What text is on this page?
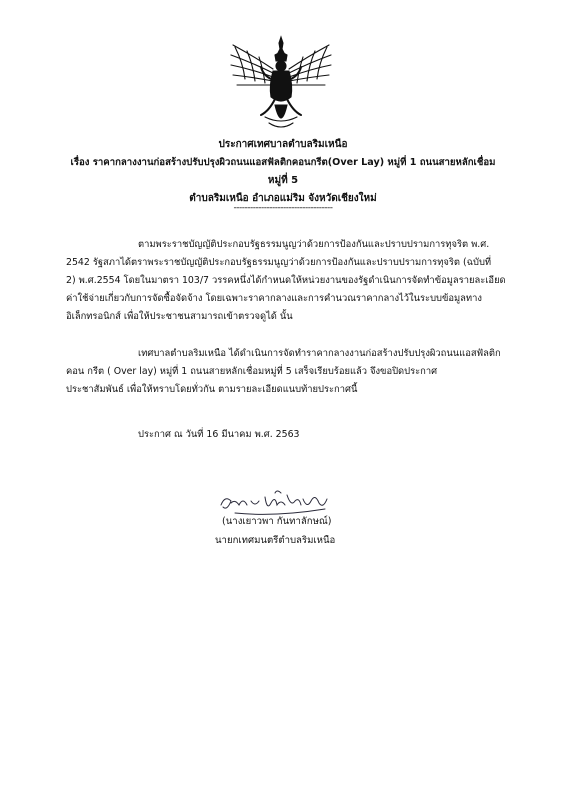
ประกาศเทศบาลตำบลริมเหนือ
เรื่อง ราคากลางงานก่อสร้างปรับปรุงผิวถนนแอสฟัลติกคอนกรีต(Over Lay) หมู่ที่ 1 ถนนสายหลักเชื่อม
หมู่ที่ 5
ตำบลริมเหนือ อำเภอแม่ริม จังหวัดเชียงใหม่
------------------------------------
ตามพระราชบัญญัติประกอบรัฐธรรมนูญว่าด้วยการป้องกันและปราบปรามการทุจริต พ.ศ.
2542 รัฐสภาได้ตราพระราชบัญญัติประกอบรัฐธรรมนูญว่าด้วยการป้องกันและปราบปรามการทุจริต (ฉบับที่
2) พ.ศ.2554 โดยในมาตรา 103/7 วรรคหนึ่งได้กำหนดให้หน่วยงานของรัฐดำเนินการจัดทำข้อมูลรายละเอียด
ค่าใช้จ่ายเกี่ยวกับการจัดซื้อจัดจ้าง โดยเฉพาะราคากลางและการคำนวณราคากลางไว้ในระบบข้อมูลทาง
อิเล็กทรอนิกส์ เพื่อให้ประชาชนสามารถเข้าตรวจดูได้ นั้น
เทศบาลตำบลริมเหนือ ได้ดำเนินการจัดทำราคากลางงานก่อสร้างปรับปรุงผิวถนนแอสฟัลติก
คอน กรีต ( Over lay) หมู่ที่ 1 ถนนสายหลักเชื่อมหมู่ที่ 5 เสร็จเรียบร้อยแล้ว จึงขอปิดประกาศ
ประชาสัมพันธ์ เพื่อให้ทราบโดยทั่วกัน ตามรายละเอียดแนบท้ายประกาศนี้
ประกาศ ณ วันที่ 16 มีนาคม พ.ศ. 2563
(นางเยาวพา กันทาลักษณ์)
นายกเทศมนตรีตำบลริมเหนือ
